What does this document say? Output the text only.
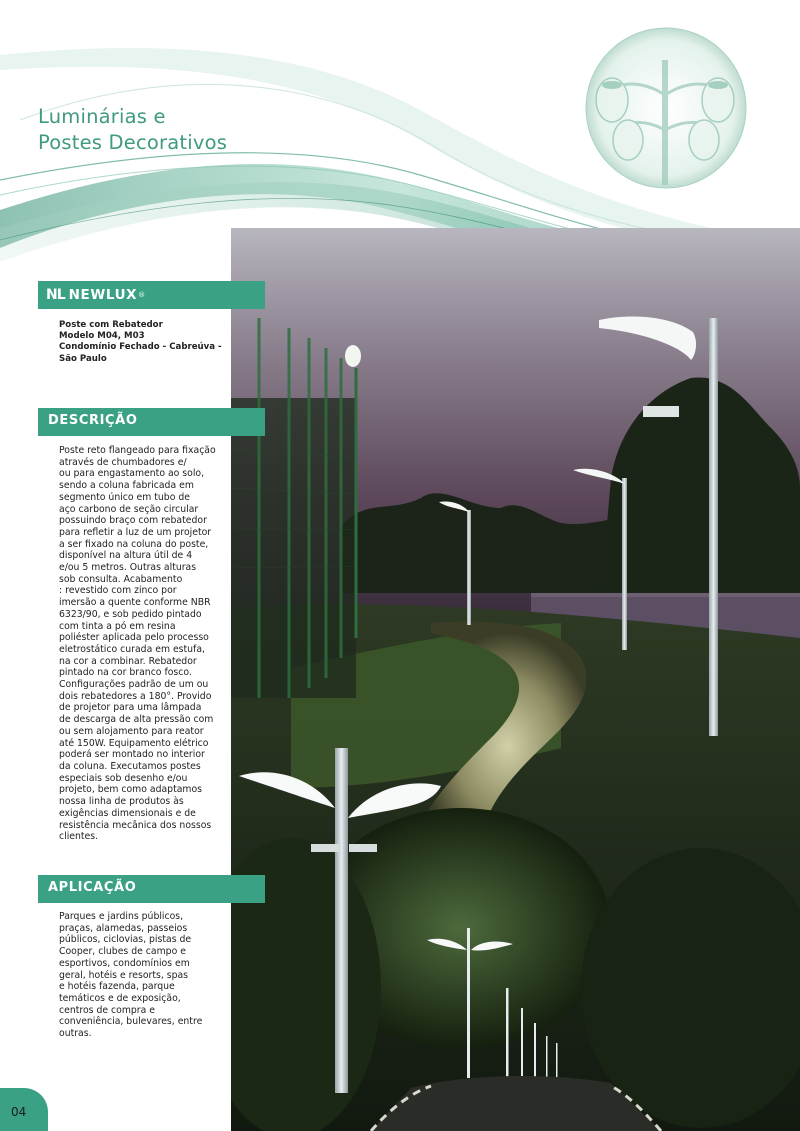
Luminárias e
Postes Decorativos
NL NEWLUX ®
Poste com Rebatedor
Modelo M04, M03
Condomínio Fechado - Cabreúva -
São Paulo
DESCRIÇÃO
Poste reto flangeado para fixação
através de chumbadores e/
ou para engastamento ao solo,
sendo a coluna fabricada em
segmento único em tubo de
aço carbono de seção circular
possuindo braço com rebatedor
para refletir a luz de um projetor
a ser fixado na coluna do poste,
disponível na altura útil de 4
e/ou 5 metros. Outras alturas
sob consulta. Acabamento
: revestido com zinco por
imersão a quente conforme NBR
6323/90, e sob pedido pintado
com tinta a pó em resina
poliéster aplicada pelo processo
eletrostático curada em estufa,
na cor a combinar. Rebatedor
pintado na cor branco fosco.
Configurações padrão de um ou
dois rebatedores a 180°. Provido
de projetor para uma lâmpada
de descarga de alta pressão com
ou sem alojamento para reator
até 150W. Equipamento elétrico
poderá ser montado no interior
da coluna. Executamos postes
especiais sob desenho e/ou
projeto, bem como adaptamos
nossa linha de produtos às
exigências dimensionais e de
resistência mecânica dos nossos
clientes.
APLICAÇÃO
Parques e jardins públicos,
praças, alamedas, passeios
públicos, ciclovias, pistas de
Cooper, clubes de campo e
esportivos, condomínios em
geral, hotéis e resorts, spas
e hotéis fazenda, parque
temáticos e de exposição,
centros de compra e
conveniência, bulevares, entre
outras.
04
